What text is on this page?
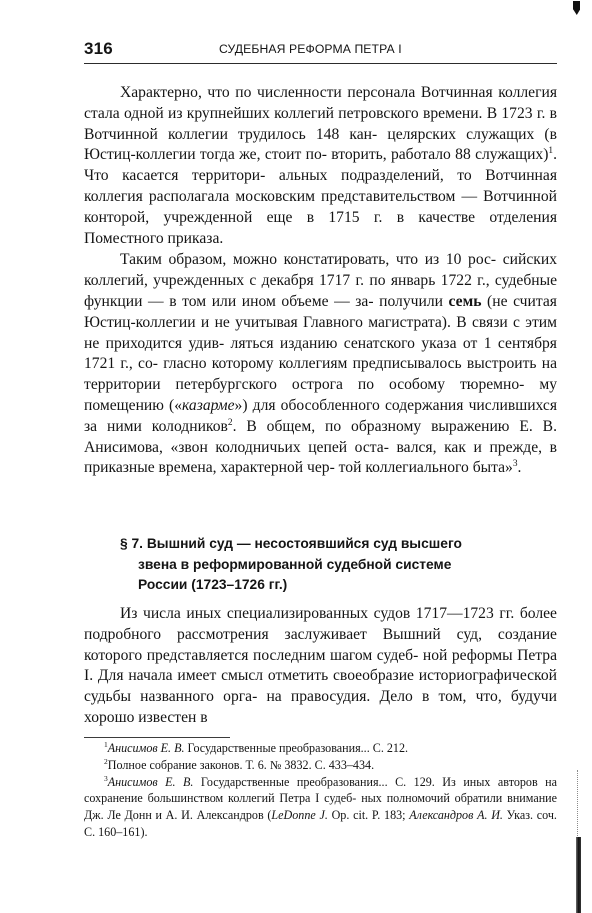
316	СУДЕБНАЯ РЕФОРМА ПЕТРА I

Характерно, что по численности персонала Вотчинная коллегия стала одной из крупнейших коллегий петровского времени. В 1723 г. в Вотчинной коллегии трудилось 148 кан- целярских служащих (в Юстиц-коллегии тогда же, стоит по- вторить, работало 88 служащих)$^1$. Что касается территори- альных подразделений, то Вотчинная коллегия располагала московским представительством — Вотчинной конторой, учрежденной еще в 1715 г. в качестве отделения Поместного приказа.

Таким образом, можно констатировать, что из 10 рос- сийских коллегий, учрежденных с декабря 1717 г. по январь 1722 г., судебные функции — в том или ином объеме — за- получили семь (не считая Юстиц-коллегии и не учитывая Главного магистрата). В связи с этим не приходится удив- ляться изданию сенатского указа от 1 сентября 1721 г., со- гласно которому коллегиям предписывалось выстроить на территории петербургского острога по особому тюремно- му помещению («казарме») для обособленного содержания числившихся за ними колодников$^2$. В общем, по образному выражению Е. В. Анисимова, «звон колодничьих цепей оста- вался, как и прежде, в приказные времена, характерной чер- той коллегиального быта»$^3$.

§ 7. Вышний суд — несостоявшийся суд высшего
звена в реформированной судебной системе
России (1723–1726 гг.)

Из числа иных специализированных судов 1717—1723 гг. более подробного рассмотрения заслуживает Вышний суд, создание которого представляется последним шагом судеб- ной реформы Петра I. Для начала имеет смысл отметить своеобразие историографической судьбы названного орга- на правосудия. Дело в том, что, будучи хорошо известен в

$^1$Анисимов Е. В. Государственные преобразования... С. 212.

$^2$Полное собрание законов. Т. 6. № 3832. С. 433–434.

$^3$Анисимов Е. В. Государственные преобразования... С. 129. Из иных авторов на сохранение большинством коллегий Петра I судеб- ных полномочий обратили внимание Дж. Ле Донн и А. И. Александров (LeDonne J. Op. cit. P. 183; Александров А. И. Указ. соч. С. 160–161).
